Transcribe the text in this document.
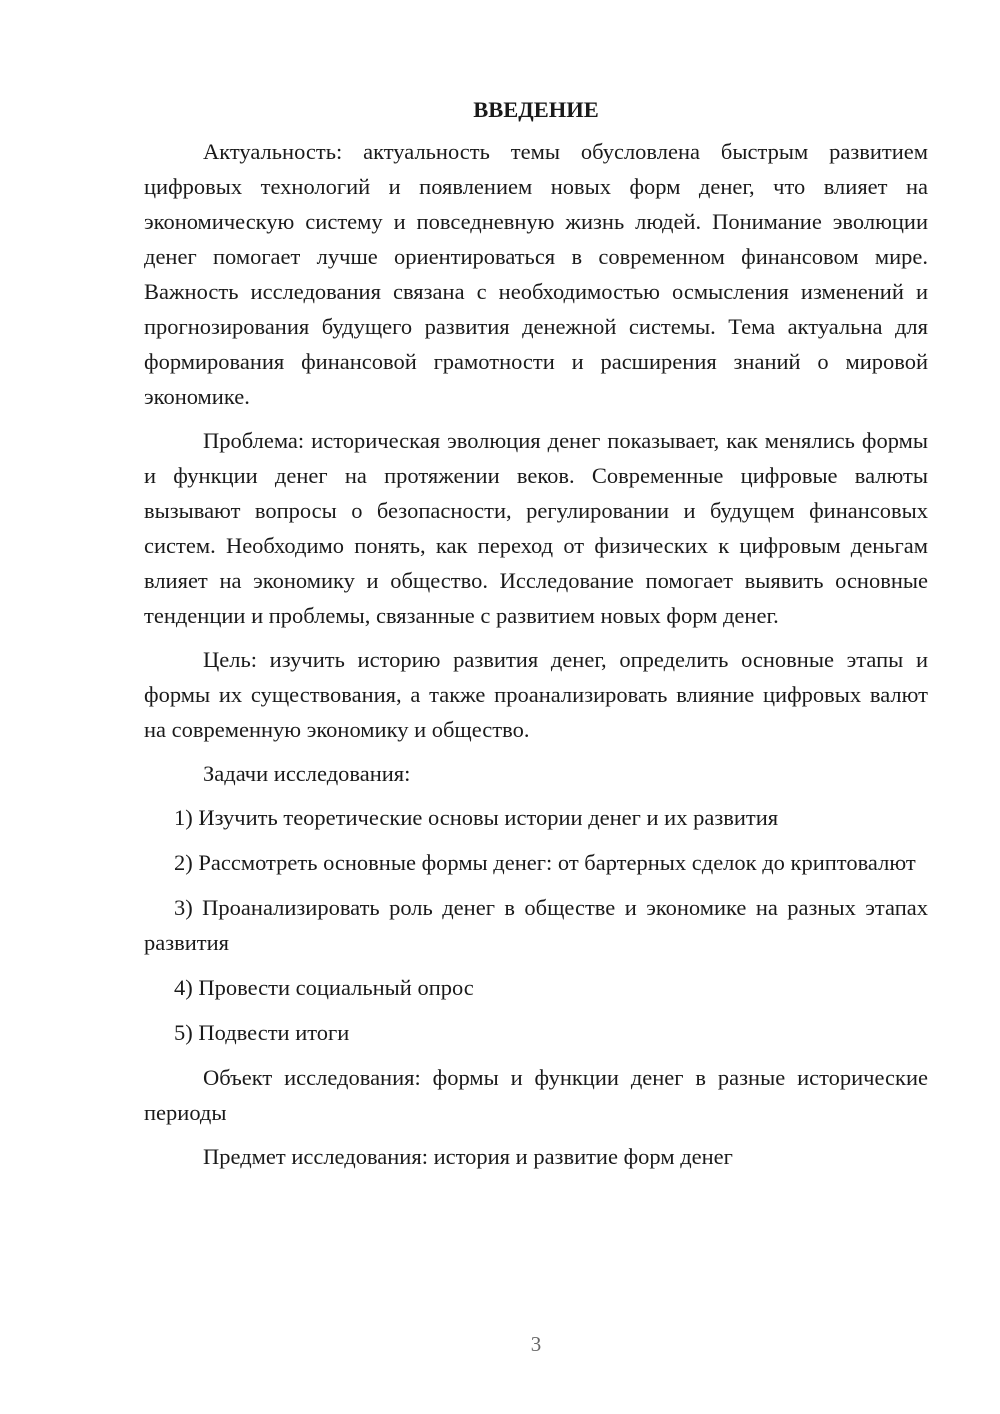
ВВЕДЕНИЕ
Актуальность: актуальность темы обусловлена быстрым развитием цифровых технологий и появлением новых форм денег, что влияет на экономическую систему и повседневную жизнь людей. Понимание эволюции денег помогает лучше ориентироваться в современном финансовом мире. Важность исследования связана с необходимостью осмысления изменений и прогнозирования будущего развития денежной системы. Тема актуальна для формирования финансовой грамотности и расширения знаний о мировой экономике.
Проблема: историческая эволюция денег показывает, как менялись формы и функции денег на протяжении веков. Современные цифровые валюты вызывают вопросы о безопасности, регулировании и будущем финансовых систем. Необходимо понять, как переход от физических к цифровым деньгам влияет на экономику и общество. Исследование помогает выявить основные тенденции и проблемы, связанные с развитием новых форм денег.
Цель: изучить историю развития денег, определить основные этапы и формы их существования, а также проанализировать влияние цифровых валют на современную экономику и общество.
Задачи исследования:
1) Изучить теоретические основы истории денег и их развития
2) Рассмотреть основные формы денег: от бартерных сделок до криптовалют
3) Проанализировать роль денег в обществе и экономике на разных этапах развития
4) Провести социальный опрос
5) Подвести итоги
Объект исследования: формы и функции денег в разные исторические периоды
Предмет исследования: история и развитие форм денег
3
